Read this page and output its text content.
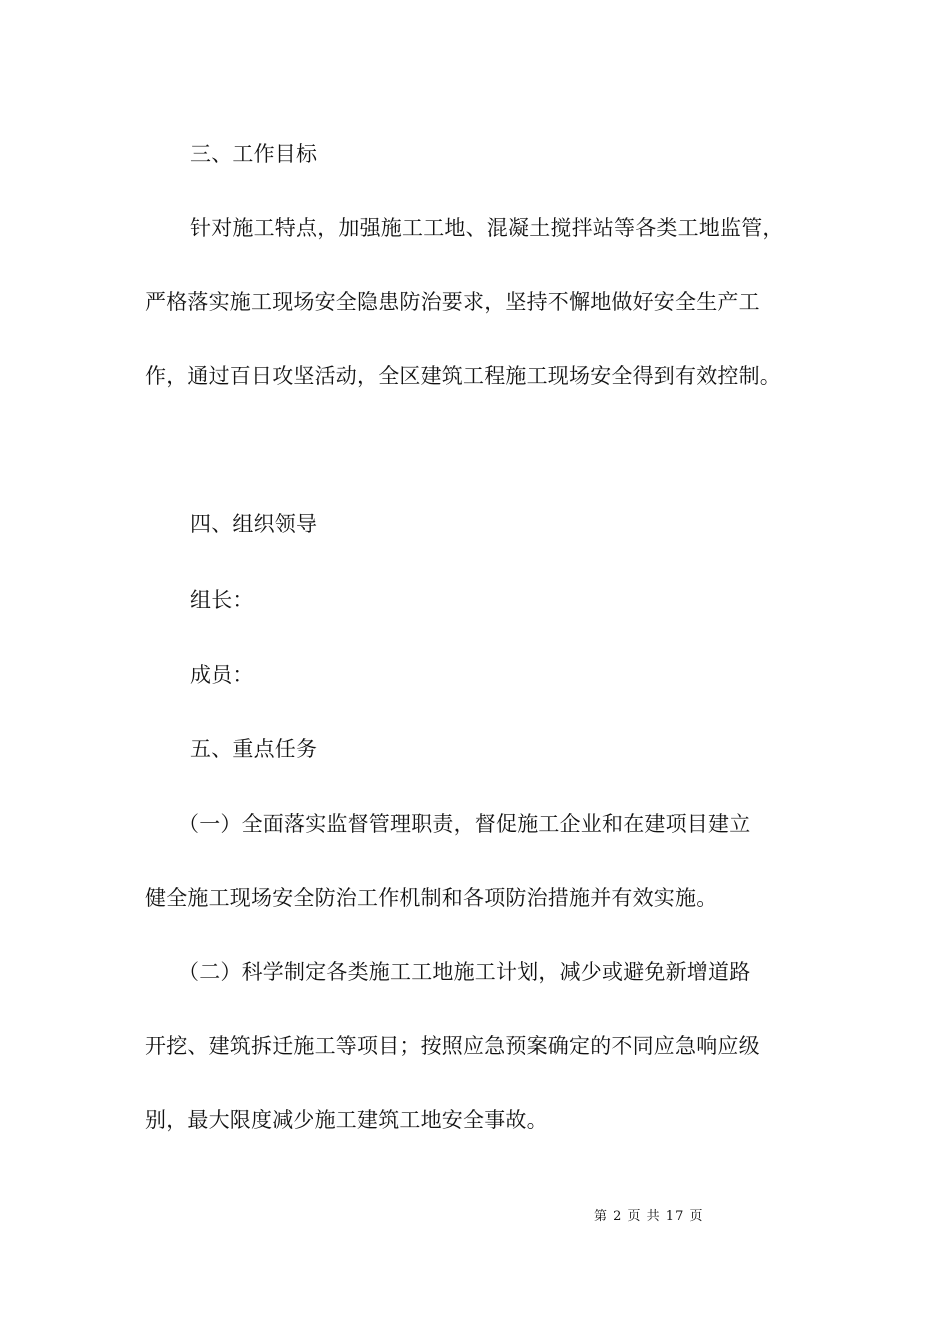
三、工作目标
针对施工特点，加强施工工地、混凝土搅拌站等各类工地监管，
严格落实施工现场安全隐患防治要求，坚持不懈地做好安全生产工
作，通过百日攻坚活动，全区建筑工程施工现场安全得到有效控制。
四、组织领导
组长：
成员：
五、重点任务
（一）全面落实监督管理职责，督促施工企业和在建项目建立
健全施工现场安全防治工作机制和各项防治措施并有效实施。
（二）科学制定各类施工工地施工计划，减少或避免新增道路
开挖、建筑拆迁施工等项目；按照应急预案确定的不同应急响应级
别，最大限度减少施工建筑工地安全事故。
第 2 页 共 17 页
